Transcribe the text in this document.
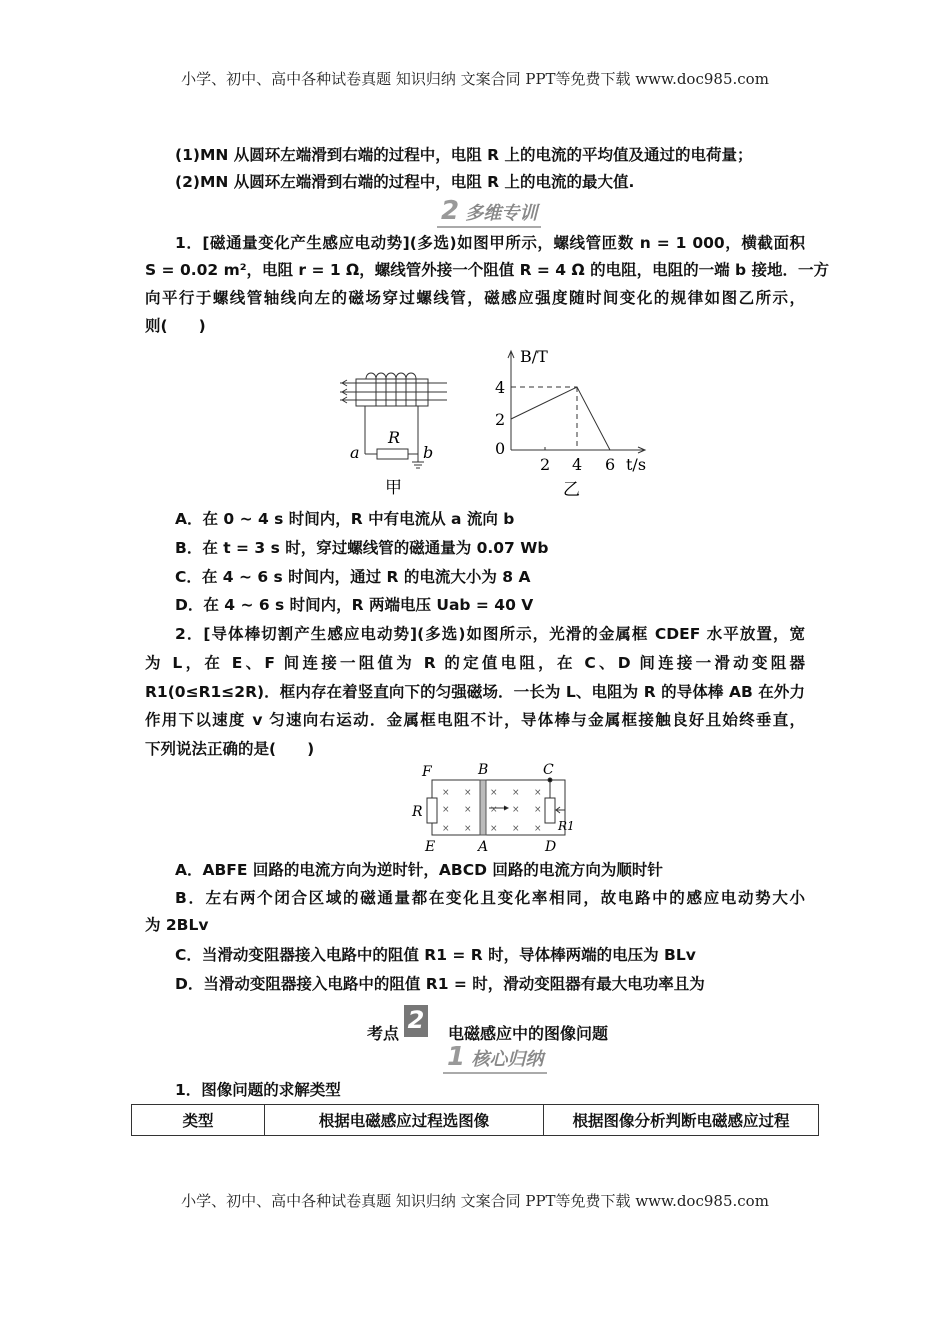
小学、初中、高中各种试卷真题 知识归纳 文案合同 PPT等免费下载 www.doc985.com
(1)MN 从圆环左端滑到右端的过程中，电阻 R 上的电流的平均值及通过的电荷量；
(2)MN 从圆环左端滑到右端的过程中，电阻 R 上的电流的最大值.
2 多维专训
1．[磁通量变化产生感应电动势](多选)如图甲所示，螺线管匝数 n = 1 000，横截面积
S = 0.02 m²，电阻 r = 1 Ω，螺线管外接一个阻值 R = 4 Ω 的电阻，电阻的一端 b 接地．一方
向平行于螺线管轴线向左的磁场穿过螺线管，磁感应强度随时间变化的规律如图乙所示，
则(　　)
R
a	b
甲
B/T
4
2
0
2 4 6 t/s
乙
A．在 0 ~ 4 s 时间内，R 中有电流从 a 流向 b
B．在 t = 3 s 时，穿过螺线管的磁通量为 0.07 Wb
C．在 4 ~ 6 s 时间内，通过 R 的电流大小为 8 A
D．在 4 ~ 6 s 时间内，R 两端电压 Uab = 40 V
2．[导体棒切割产生感应电动势](多选)如图所示，光滑的金属框 CDEF 水平放置，宽
为 L，在 E、F 间连接一阻值为 R 的定值电阻，在 C、D 间连接一滑动变阻器
R1(0≤R1≤2R)．框内存在着竖直向下的匀强磁场．一长为 L、电阻为 R 的导体棒 AB 在外力
作用下以速度 v 匀速向右运动．金属框电阻不计，导体棒与金属框接触良好且始终垂直，
下列说法正确的是(　　)
× × × × ×
× × × × ×
× × × × ×
F	B	C
R
R1
E	A	D
A．ABFE 回路的电流方向为逆时针，ABCD 回路的电流方向为顺时针
B．左右两个闭合区域的磁通量都在变化且变化率相同，故电路中的感应电动势大小
为 2BLv
C．当滑动变阻器接入电路中的阻值 R1 = R 时，导体棒两端的电压为 BLv
D．当滑动变阻器接入电路中的阻值 R1 = 时，滑动变阻器有最大电功率且为
考点 2 电磁感应中的图像问题
1 核心归纳
1．图像问题的求解类型
类型	根据电磁感应过程选图像	根据图像分析判断电磁感应过程
小学、初中、高中各种试卷真题 知识归纳 文案合同 PPT等免费下载 www.doc985.com
